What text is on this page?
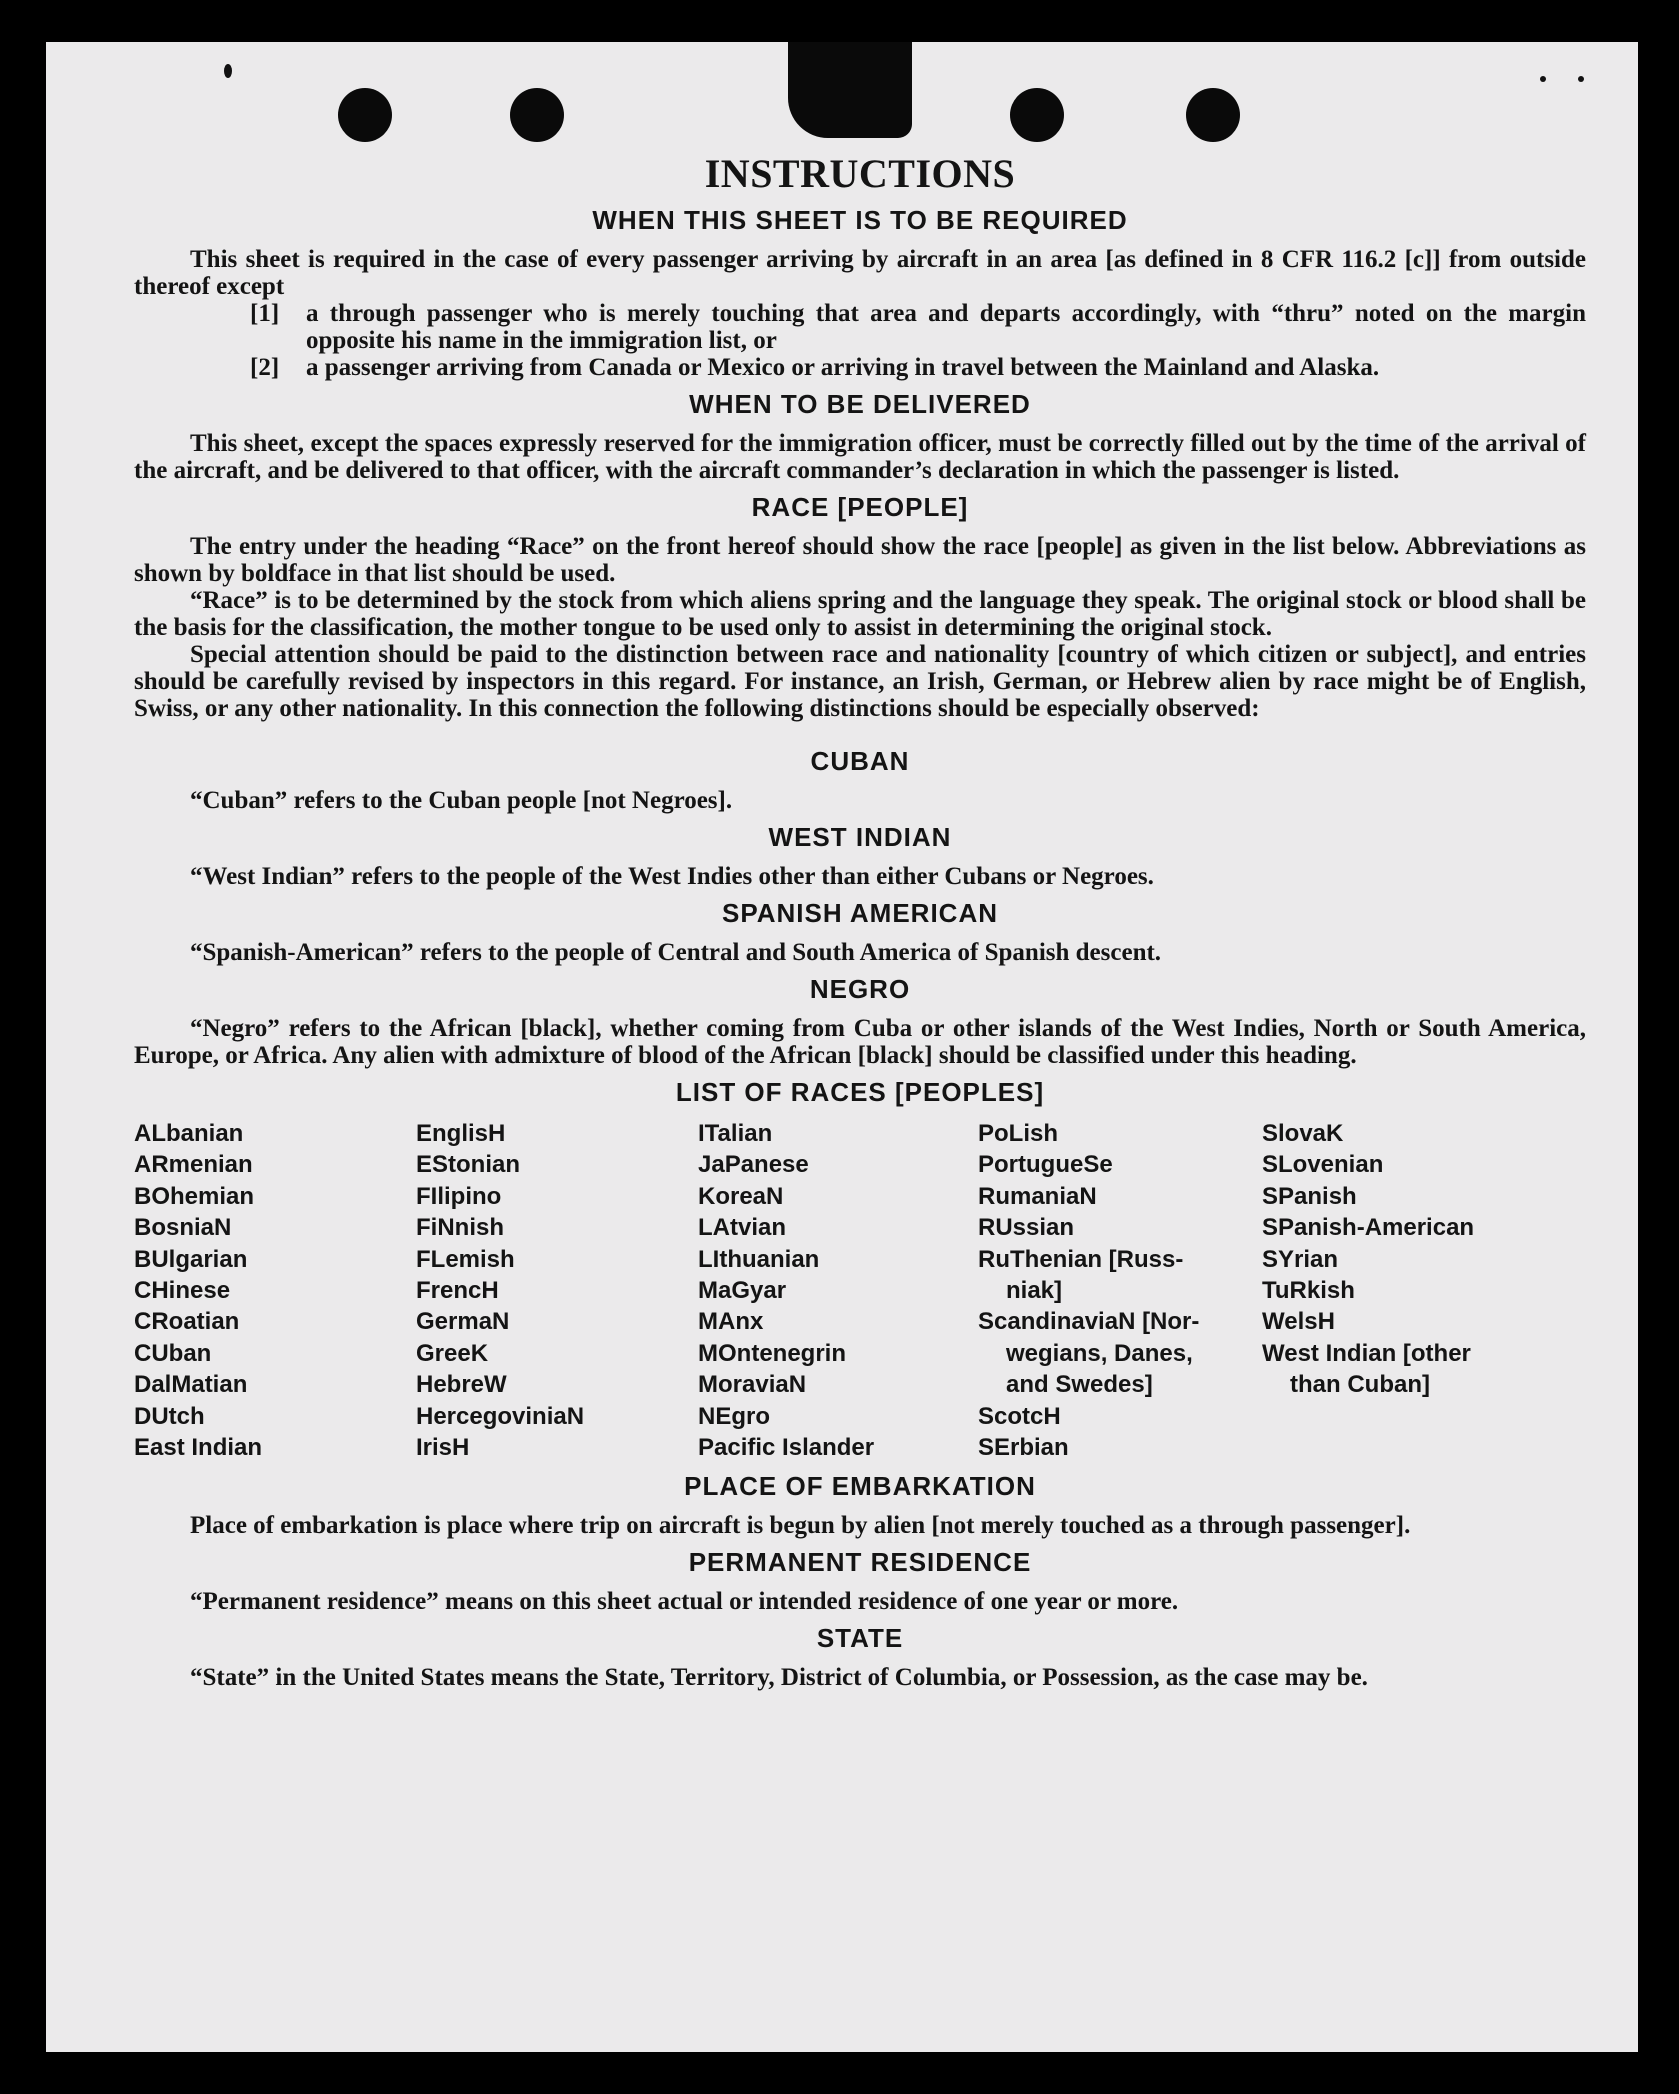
INSTRUCTIONS
WHEN THIS SHEET IS TO BE REQUIRED

This sheet is required in the case of every passenger arriving by aircraft in an area [as defined in 8 CFR 116.2 [c]] from outside thereof except

[1]	a through passenger who is merely touching that area and departs accordingly, with “thru” noted on the margin opposite his name in the immigration list, or
[2]	a passenger arriving from Canada or Mexico or arriving in travel between the Mainland and Alaska.
WHEN TO BE DELIVERED

This sheet, except the spaces expressly reserved for the immigration officer, must be correctly filled out by the time of the arrival of the aircraft, and be delivered to that officer, with the aircraft commander’s declaration in which the passenger is listed.

RACE [PEOPLE]

The entry under the heading “Race” on the front hereof should show the race [people] as given in the list below. Abbreviations as shown by boldface in that list should be used.

“Race” is to be determined by the stock from which aliens spring and the language they speak. The original stock or blood shall be the basis for the classification, the mother tongue to be used only to assist in determining the original stock.

Special attention should be paid to the distinction between race and nationality [country of which citizen or subject], and entries should be carefully revised by inspectors in this regard. For instance, an Irish, German, or Hebrew alien by race might be of English, Swiss, or any other nationality. In this connection the following distinctions should be especially observed:

CUBAN

“Cuban” refers to the Cuban people [not Negroes].

WEST INDIAN

“West Indian” refers to the people of the West Indies other than either Cubans or Negroes.

SPANISH AMERICAN

“Spanish-American” refers to the people of Central and South America of Spanish descent.

NEGRO

“Negro” refers to the African [black], whether coming from Cuba or other islands of the West Indies, North or South America, Europe, or Africa. Any alien with admixture of blood of the African [black] should be classified under this heading.

LIST OF RACES [PEOPLES]
ALbanian
ARmenian
BOhemian
BosniaN
BUlgarian
CHinese
CRoatian
CUban
DalMatian
DUtch
East Indian
EnglisH
EStonian
FIlipino
FiNnish
FLemish
FrencH
GermaN
GreeK
HebreW
HercegoviniaN
IrisH
ITalian
JaPanese
KoreaN
LAtvian
LIthuanian
MaGyar
MAnx
MOntenegrin
MoraviaN
NEgro
Pacific Islander
PoLish
PortugueSe
RumaniaN
RUssian
RuThenian [Russ-
niak]
ScandinaviaN [Nor-
wegians, Danes,
and Swedes]
ScotcH
SErbian
SlovaK
SLovenian
SPanish
SPanish-American
SYrian
TuRkish
WelsH
West Indian [other
than Cuban]
PLACE OF EMBARKATION

Place of embarkation is place where trip on aircraft is begun by alien [not merely touched as a through passenger].

PERMANENT RESIDENCE

“Permanent residence” means on this sheet actual or intended residence of one year or more.

STATE

“State” in the United States means the State, Territory, District of Columbia, or Possession, as the case may be.
